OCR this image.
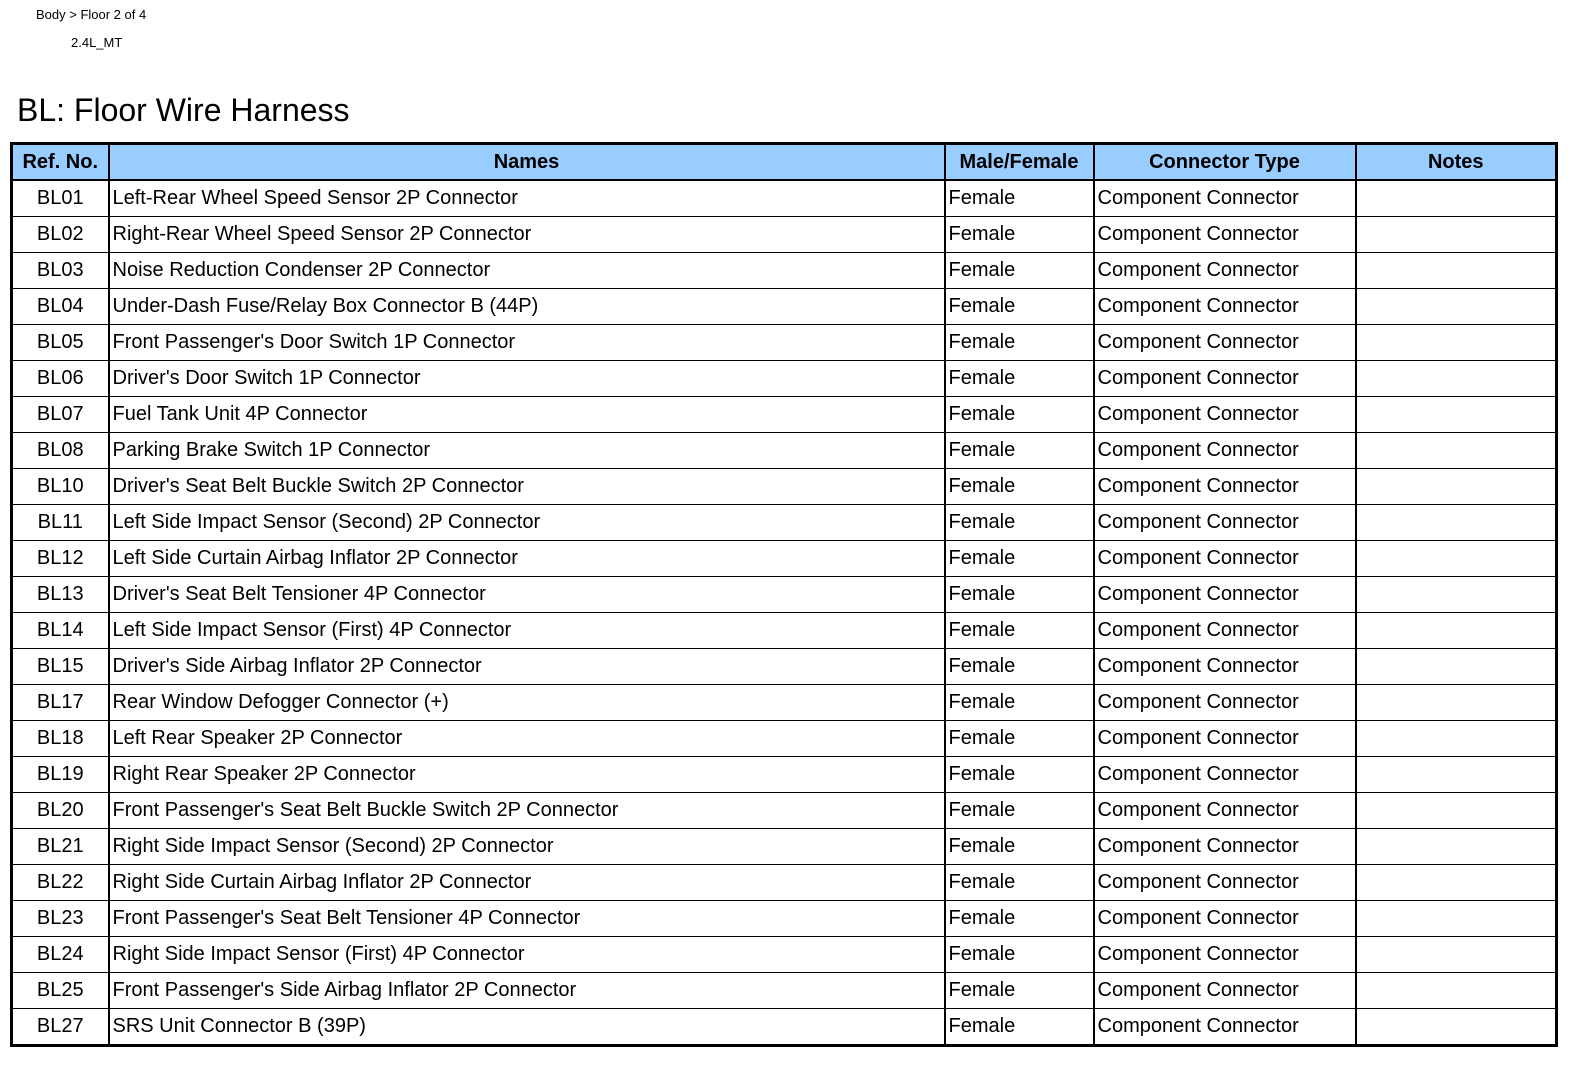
Body > Floor 2 of 4
2.4L_MT
BL: Floor Wire Harness
Ref. No.	Names	Male/Female	Connector Type	Notes
BL01	Left-Rear Wheel Speed Sensor 2P Connector	Female	Component Connector	
BL02	Right-Rear Wheel Speed Sensor 2P Connector	Female	Component Connector	
BL03	Noise Reduction Condenser 2P Connector	Female	Component Connector	
BL04	Under-Dash Fuse/Relay Box Connector B (44P)	Female	Component Connector	
BL05	Front Passenger's Door Switch 1P Connector	Female	Component Connector	
BL06	Driver's Door Switch 1P Connector	Female	Component Connector	
BL07	Fuel Tank Unit 4P Connector	Female	Component Connector	
BL08	Parking Brake Switch 1P Connector	Female	Component Connector	
BL10	Driver's Seat Belt Buckle Switch 2P Connector	Female	Component Connector	
BL11	Left Side Impact Sensor (Second) 2P Connector	Female	Component Connector	
BL12	Left Side Curtain Airbag Inflator 2P Connector	Female	Component Connector	
BL13	Driver's Seat Belt Tensioner 4P Connector	Female	Component Connector	
BL14	Left Side Impact Sensor (First) 4P Connector	Female	Component Connector	
BL15	Driver's Side Airbag Inflator 2P Connector	Female	Component Connector	
BL17	Rear Window Defogger Connector (+)	Female	Component Connector	
BL18	Left Rear Speaker 2P Connector	Female	Component Connector	
BL19	Right Rear Speaker 2P Connector	Female	Component Connector	
BL20	Front Passenger's Seat Belt Buckle Switch 2P Connector	Female	Component Connector	
BL21	Right Side Impact Sensor (Second) 2P Connector	Female	Component Connector	
BL22	Right Side Curtain Airbag Inflator 2P Connector	Female	Component Connector	
BL23	Front Passenger's Seat Belt Tensioner 4P Connector	Female	Component Connector	
BL24	Right Side Impact Sensor (First) 4P Connector	Female	Component Connector	
BL25	Front Passenger's Side Airbag Inflator 2P Connector	Female	Component Connector	
BL27	SRS Unit Connector B (39P)	Female	Component Connector	
